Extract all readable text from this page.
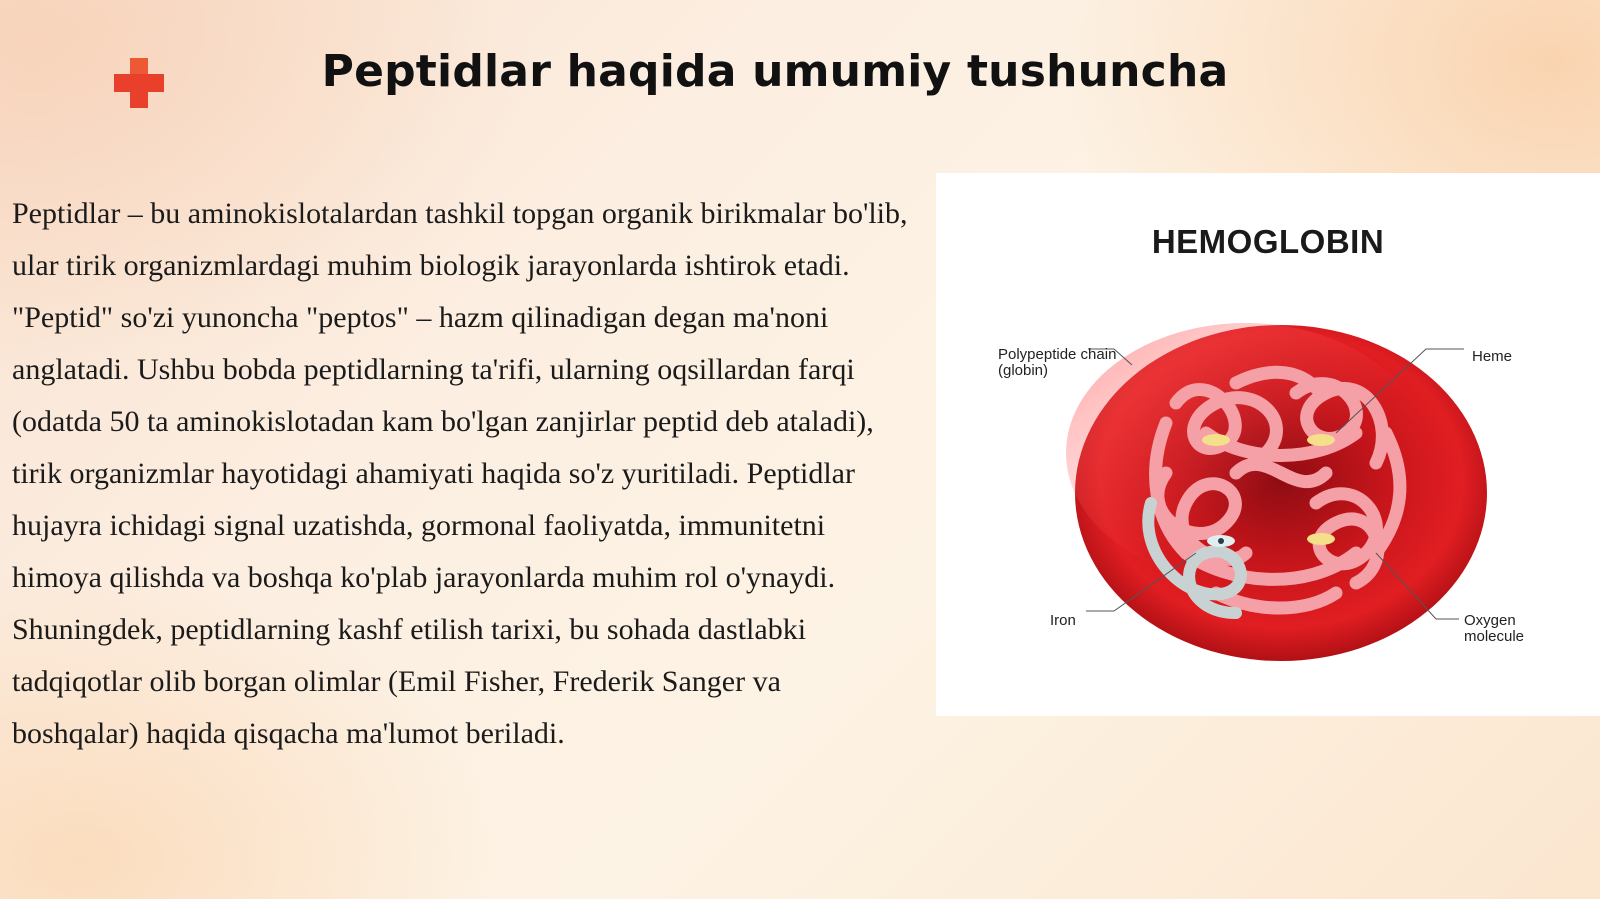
Peptidlar haqida umumiy tushuncha

Peptidlar – bu aminokislotalardan tashkil topgan organik birikmalar bo'lib, ular tirik organizmlardagi muhim biologik jarayonlarda ishtirok etadi. "Peptid" so'zi yunoncha "peptos" – hazm qilinadigan degan ma'noni anglatadi. Ushbu bobda peptidlarning ta'rifi, ularning oqsillardan farqi (odatda 50 ta aminokislotadan kam bo'lgan zanjirlar peptid deb ataladi), tirik organizmlar hayotidagi ahamiyati haqida so'z yuritiladi. Peptidlar hujayra ichidagi signal uzatishda, gormonal faoliyatda, immunitetni himoya qilishda va boshqa ko'plab jarayonlarda muhim rol o'ynaydi. Shuningdek, peptidlarning kashf etilish tarixi, bu sohada dastlabki tadqiqotlar olib borgan olimlar (Emil Fisher, Frederik Sanger va boshqalar) haqida qisqacha ma'lumot beriladi.

HEMOGLOBIN
Polypeptide chain (globin)
Heme
Iron	Oxygen molecule
